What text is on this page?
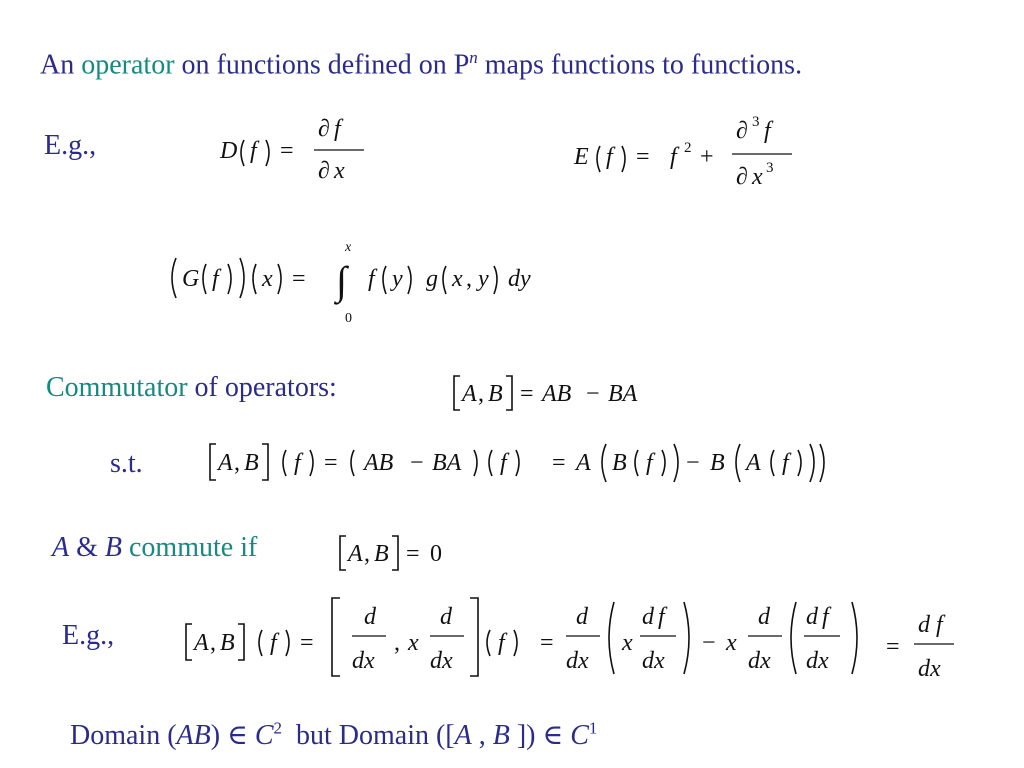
An operator on functions defined on $P^n$ maps functions to functions.
E.g.,	D f =
∂ f
∂ x
E f = f 2 +
∂ 3 f
∂ x 3
G f x =
x
∫
0
f y g x , y dy
Commutator of operators:	A , B = AB − BA
s.t.	A , B f = AB − BA f = A B f − B A f
A & B commute if	A , B = 0
E.g.,	A , B f =
d
dx
, x
d
dx
f =
d
dx
x
d f
dx
− x
d
dx
d f
dx
=
d f
dx
Domain (AB) ∈ $C^2$ but Domain ([A , B ]) ∈ $C^1$
